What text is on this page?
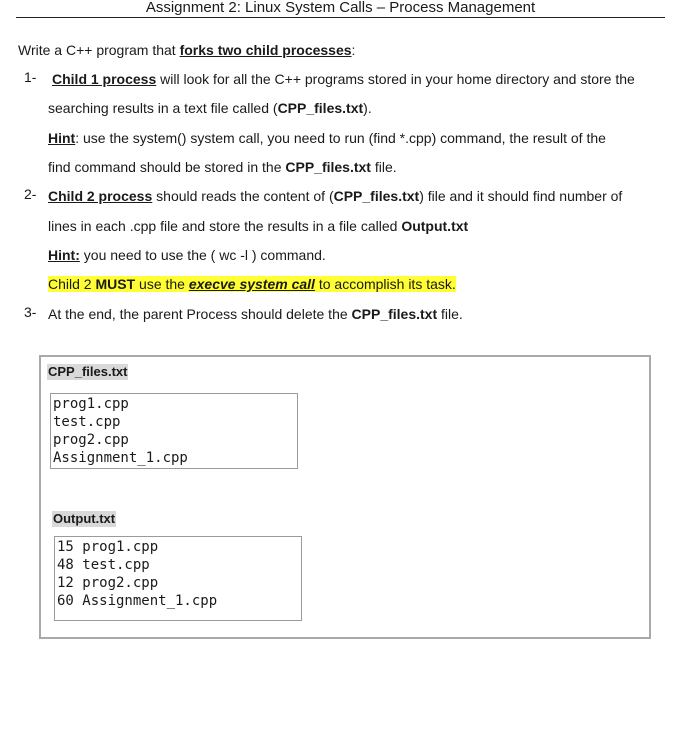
Assignment 2: Linux System Calls – Process Management
Write a C++ program that forks two child processes:
1- Child 1 process will look for all the C++ programs stored in your home directory and store the
searching results in a text file called (CPP_files.txt).
Hint: use the system() system call, you need to run (find *.cpp) command, the result of the
find command should be stored in the CPP_files.txt file.
2- Child 2 process should reads the content of (CPP_files.txt) file and it should find number of
lines in each .cpp file and store the results in a file called Output.txt
Hint: you need to use the ( wc -l ) command.
Child 2 MUST use the execve system call to accomplish its task.
3- At the end, the parent Process should delete the CPP_files.txt file.
CPP_files.txt
prog1.cpp
test.cpp
prog2.cpp
Assignment_1.cpp
Output.txt
15 prog1.cpp
48 test.cpp
12 prog2.cpp
60 Assignment_1.cpp
